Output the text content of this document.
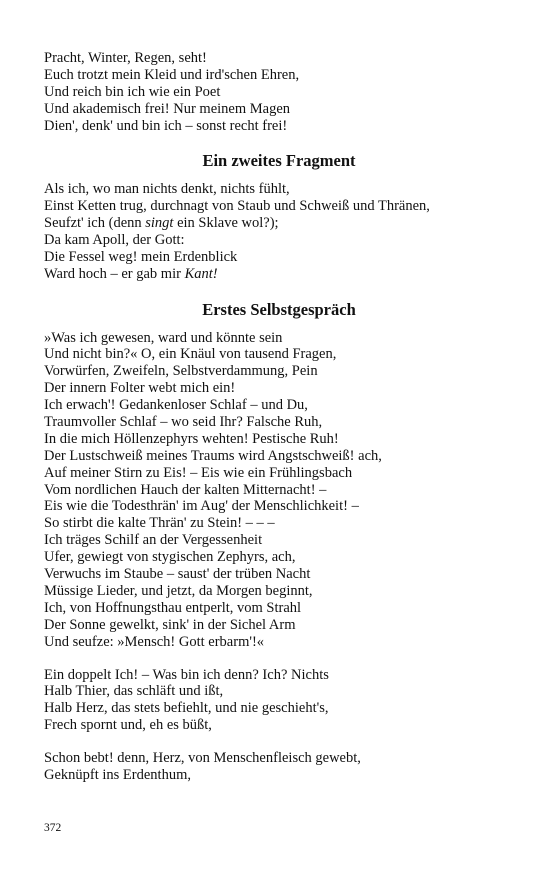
Pracht, Winter, Regen, seht!
Euch trotzt mein Kleid und ird'schen Ehren,
Und reich bin ich wie ein Poet
Und akademisch frei! Nur meinem Magen
Dien', denk' und bin ich – sonst recht frei!
Ein zweites Fragment
Als ich, wo man nichts denkt, nichts fühlt,
Einst Ketten trug, durchnagt von Staub und Schweiß und Thränen,
Seufzt' ich (denn singt ein Sklave wol?);
Da kam Apoll, der Gott:
Die Fessel weg! mein Erdenblick
Ward hoch – er gab mir Kant!
Erstes Selbstgespräch
»Was ich gewesen, ward und könnte sein
Und nicht bin?« O, ein Knäul von tausend Fragen,
Vorwürfen, Zweifeln, Selbstverdammung, Pein
Der innern Folter webt mich ein!
Ich erwach'! Gedankenloser Schlaf – und Du,
Traumvoller Schlaf – wo seid Ihr? Falsche Ruh,
In die mich Höllenzephyrs wehten! Pestische Ruh!
Der Lustschweiß meines Traums wird Angstschweiß! ach,
Auf meiner Stirn zu Eis! – Eis wie ein Frühlingsbach
Vom nordlichen Hauch der kalten Mitternacht! –
Eis wie die Todesthrän' im Aug' der Menschlichkeit! –
So stirbt die kalte Thrän' zu Stein! – – –
Ich träges Schilf an der Vergessenheit
Ufer, gewiegt von stygischen Zephyrs, ach,
Verwuchs im Staube – saust' der trüben Nacht
Müssige Lieder, und jetzt, da Morgen beginnt,
Ich, von Hoffnungsthau entperlt, vom Strahl
Der Sonne gewelkt, sink' in der Sichel Arm
Und seufze: »Mensch! Gott erbarm'!«
Ein doppelt Ich! – Was bin ich denn? Ich? Nichts
Halb Thier, das schläft und ißt,
Halb Herz, das stets befiehlt, und nie geschieht's,
Frech spornt und, eh es büßt,
Schon bebt! denn, Herz, von Menschenfleisch gewebt,
Geknüpft ins Erdenthum,
372
